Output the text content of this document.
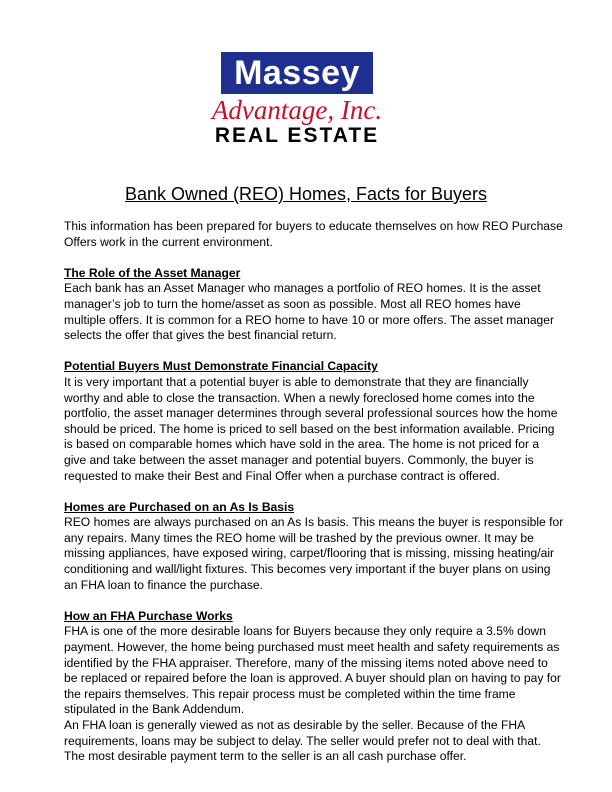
Massey
Advantage, Inc.
REAL ESTATE
Bank Owned (REO) Homes, Facts for Buyers

This information has been prepared for buyers to educate themselves on how REO Purchase Offers work in the current environment.

The Role of the Asset Manager

Each bank has an Asset Manager who manages a portfolio of REO homes. It is the asset manager’s job to turn the home/asset as soon as possible. Most all REO homes have multiple offers. It is common for a REO home to have 10 or more offers. The asset manager selects the offer that gives the best financial return.

Potential Buyers Must Demonstrate Financial Capacity

It is very important that a potential buyer is able to demonstrate that they are financially worthy and able to close the transaction. When a newly foreclosed home comes into the portfolio, the asset manager determines through several professional sources how the home should be priced. The home is priced to sell based on the best information available. Pricing is based on comparable homes which have sold in the area. The home is not priced for a give and take between the asset manager and potential buyers. Commonly, the buyer is requested to make their Best and Final Offer when a purchase contract is offered.

Homes are Purchased on an As Is Basis

REO homes are always purchased on an As Is basis. This means the buyer is responsible for any repairs. Many times the REO home will be trashed by the previous owner. It may be missing appliances, have exposed wiring, carpet/flooring that is missing, missing heating/air conditioning and wall/light fixtures. This becomes very important if the buyer plans on using an FHA loan to finance the purchase.

How an FHA Purchase Works

FHA is one of the more desirable loans for Buyers because they only require a 3.5% down payment. However, the home being purchased must meet health and safety requirements as identified by the FHA appraiser. Therefore, many of the missing items noted above need to be replaced or repaired before the loan is approved. A buyer should plan on having to pay for the repairs themselves. This repair process must be completed within the time frame stipulated in the Bank Addendum.

An FHA loan is generally viewed as not as desirable by the seller. Because of the FHA requirements, loans may be subject to delay. The seller would prefer not to deal with that. The most desirable payment term to the seller is an all cash purchase offer.
